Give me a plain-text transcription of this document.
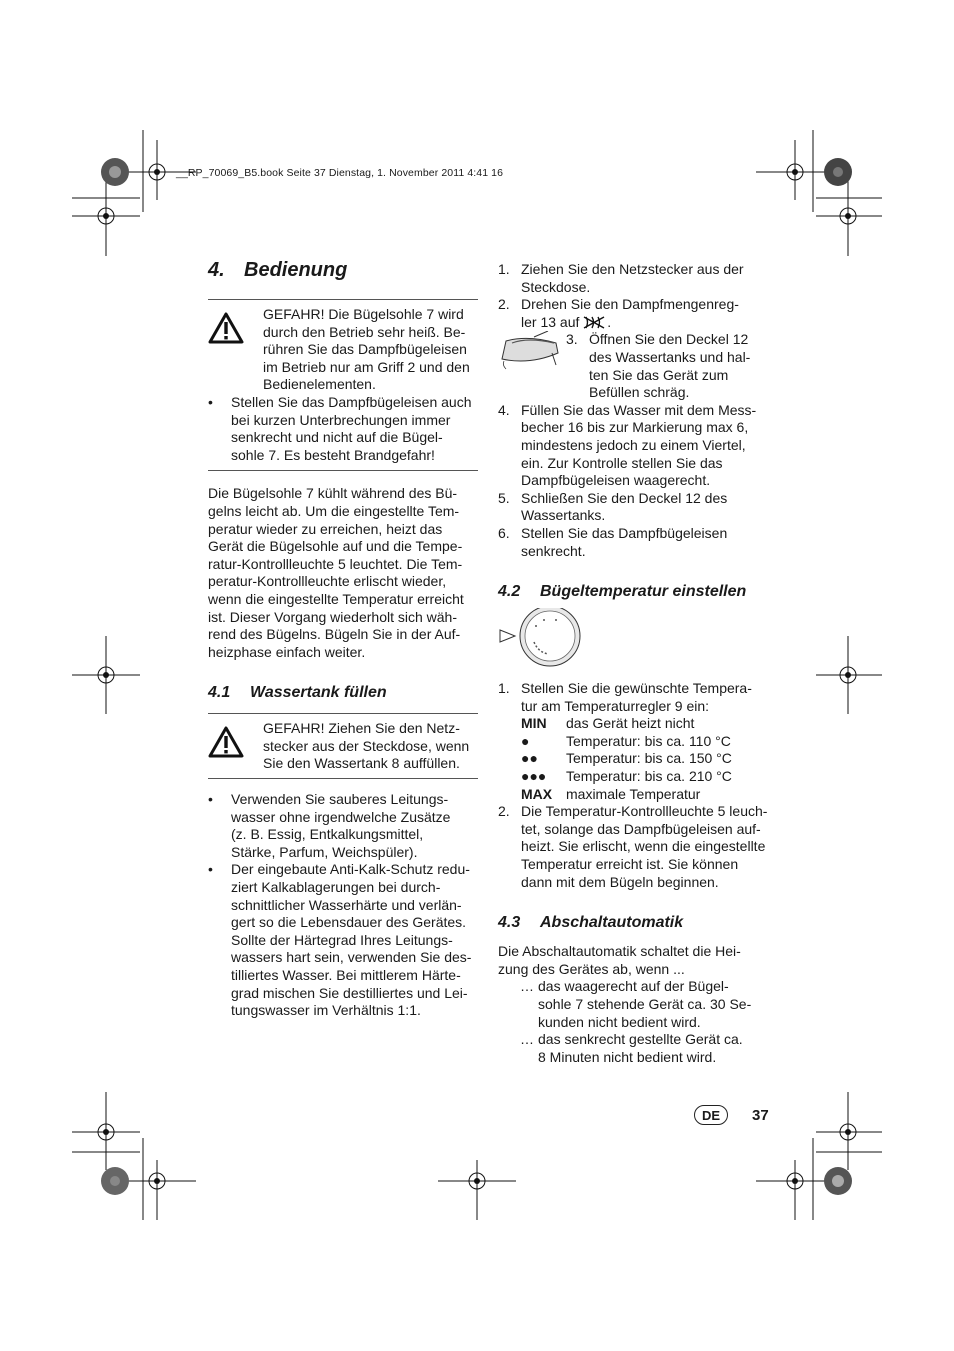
__RP_70069_B5.book Seite 37 Dienstag, 1. November 2011 4:41 16
4. Bedienung
GEFAHR! Die Bügelsohle 7 wird
durch den Betrieb sehr heiß. Be-
rühren Sie das Dampfbügeleisen
im Betrieb nur am Griff 2 und den
Bedienelementen.
•	Stellen Sie das Dampfbügeleisen auch
bei kurzen Unterbrechungen immer
senkrecht und nicht auf die Bügel-
sohle 7. Es besteht Brandgefahr!
Die Bügelsohle 7 kühlt während des Bü-
gelns leicht ab. Um die eingestellte Tem-
peratur wieder zu erreichen, heizt das
Gerät die Bügelsohle auf und die Tempe-
ratur-Kontrollleuchte 5 leuchtet. Die Tem-
peratur-Kontrollleuchte erlischt wieder,
wenn die eingestellte Temperatur erreicht
ist. Dieser Vorgang wiederholt sich wäh-
rend des Bügelns. Bügeln Sie in der Auf-
heizphase einfach weiter.
4.1 Wassertank füllen
GEFAHR! Ziehen Sie den Netz-
stecker aus der Steckdose, wenn
Sie den Wassertank 8 auffüllen.
•	Verwenden Sie sauberes Leitungs-
wasser ohne irgendwelche Zusätze
(z. B. Essig, Entkalkungsmittel,
Stärke, Parfum, Weichspüler).
•	Der eingebaute Anti-Kalk-Schutz redu-
ziert Kalkablagerungen bei durch-
schnittlicher Wasserhärte und verlän-
gert so die Lebensdauer des Gerätes.
Sollte der Härtegrad Ihres Leitungs-
wassers hart sein, verwenden Sie des-
tilliertes Wasser. Bei mittlerem Härte-
grad mischen Sie destilliertes und Lei-
tungswasser im Verhältnis 1:1.
1. Ziehen Sie den Netzstecker aus der
Steckdose.
2. Drehen Sie den Dampfmengenreg-
ler 13 auf .
3. Öffnen Sie den Deckel 12
des Wassertanks und hal-
ten Sie das Gerät zum
Befüllen schräg.
4. Füllen Sie das Wasser mit dem Mess-
becher 16 bis zur Markierung max 6,
mindestens jedoch zu einem Viertel,
ein. Zur Kontrolle stellen Sie das
Dampfbügeleisen waagerecht.
5. Schließen Sie den Deckel 12 des
Wassertanks.
6. Stellen Sie das Dampfbügeleisen
senkrecht.
4.2 Bügeltemperatur einstellen
1. Stellen Sie die gewünschte Tempera-
tur am Temperaturregler 9 ein:
MIN	das Gerät heizt nicht
●	Temperatur: bis ca. 110 °C
●●	Temperatur: bis ca. 150 °C
●●●	Temperatur: bis ca. 210 °C
MAX maximale Temperatur
2. Die Temperatur-Kontrollleuchte 5 leuch-
tet, solange das Dampfbügeleisen auf-
heizt. Sie erlischt, wenn die eingestellte
Temperatur erreicht ist. Sie können
dann mit dem Bügeln beginnen.
4.3 Abschaltautomatik
Die Abschaltautomatik schaltet die Hei-
zung des Gerätes ab, wenn ...
… das waagerecht auf der Bügel-
sohle 7 stehende Gerät ca. 30 Se-
kunden nicht bedient wird.
… das senkrecht gestellte Gerät ca.
8 Minuten nicht bedient wird.
DE	37
